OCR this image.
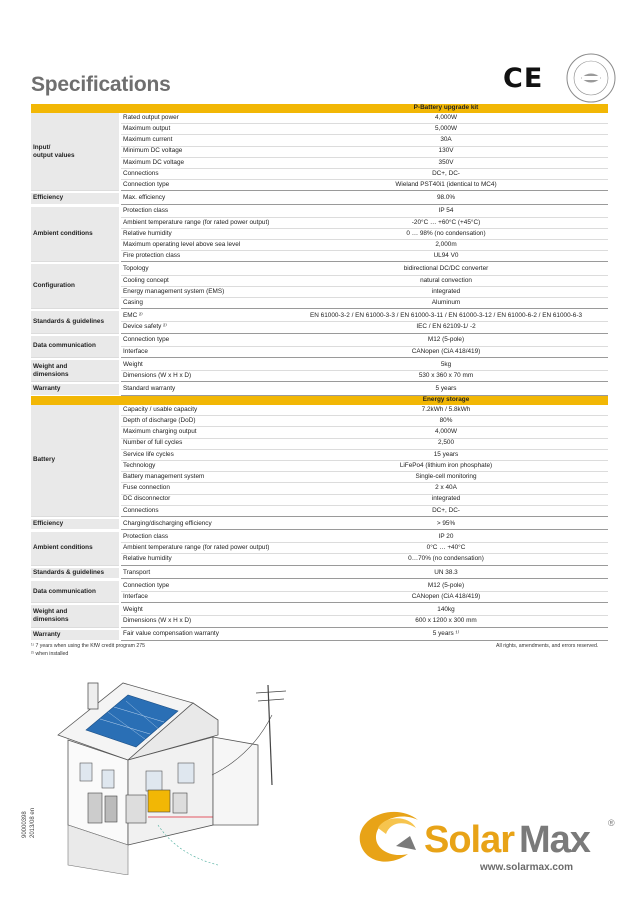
Specifications	CE
		P-Battery upgrade kit
Input/
output values	Rated output power	4,000W
	Maximum output	5,000W
	Maximum current	30A
	Minimum DC voltage	130V
	Maximum DC voltage	350V
	Connections	DC+, DC-
	Connection type	Wieland PST40i1 (identical to MC4)

Efficiency	Max. efficiency	98.0%

Ambient conditions	Protection class	IP 54
	Ambient temperature range (for rated power output)	-20°C … +60°C (+45°C)
	Relative humidity	0 … 98% (no condensation)
	Maximum operating level above sea level	2,000m
	Fire protection class	UL94 V0

Configuration	Topology	bidirectional DC/DC converter
	Cooling concept	natural convection
	Energy management system (EMS)	integrated
	Casing	Aluminum

Standards & guidelines	EMC ²⁾	EN 61000-3-2 / EN 61000-3-3 / EN 61000-3-11 / EN 61000-3-12 / EN 61000-6-2 / EN 61000-6-3
	Device safety ²⁾	IEC / EN 62109-1/ -2

Data communication	Connection type	M12 (5-pole)
	Interface	CANopen (CiA 418/419)

Weight and
dimensions	Weight	5kg
	Dimensions (W x H x D)	530 x 360 x 70 mm

Warranty	Standard warranty	5 years
		Energy storage
Battery	Capacity / usable capacity	7.2kWh / 5.8kWh
	Depth of discharge (DoD)	80%
	Maximum charging output	4,000W
	Number of full cycles	2,500
	Service life cycles	15 years
	Technology	LiFePo4 (lithium iron phosphate)
	Battery management system	Single-cell monitoring
	Fuse connection	2 x 40A
	DC disconnector	integrated
	Connections	DC+, DC-

Efficiency	Charging/discharging efficiency	> 95%

Ambient conditions	Protection class	IP 20
	Ambient temperature range (for rated power output)	0°C … +40°C
	Relative humidity	0…70% (no condensation)

Standards & guidelines	Transport	UN 38.3

Data communication	Connection type	M12 (5-pole)
	Interface	CANopen (CiA 418/419)

Weight and
dimensions	Weight	140kg
	Dimensions (W x H x D)	600 x 1200 x 300 mm

Warranty	Fair value compensation warranty	5 years ¹⁾
¹⁾ 7 years when using the KfW credit program 275
²⁾ when installed
All rights, amendments, and errors reserved.
90000398 2013/08 en	Solar Max ®
www.solarmax.com
